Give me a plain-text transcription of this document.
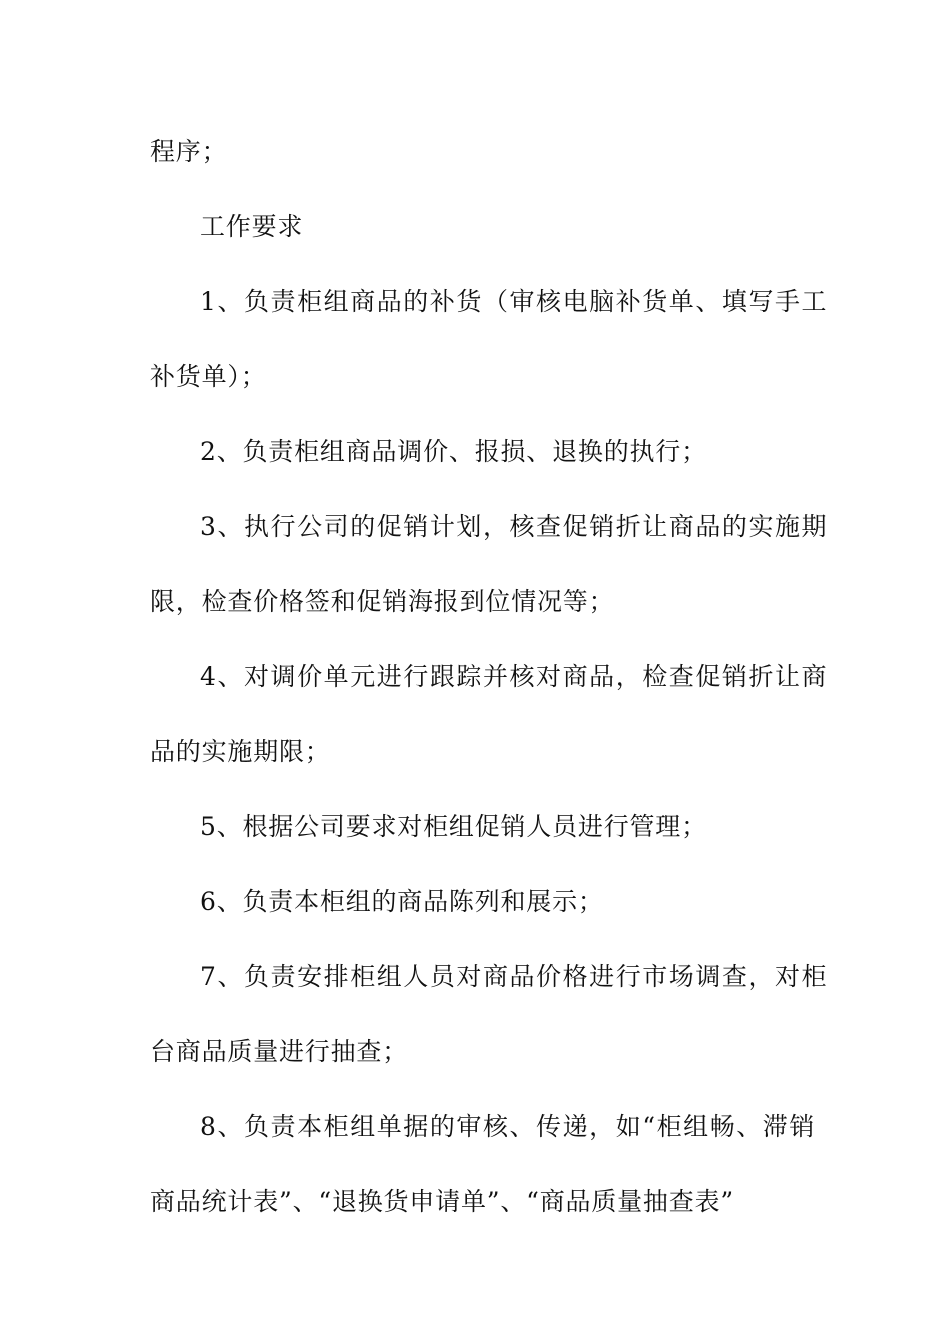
程序；
工作要求
1、负责柜组商品的补货（审核电脑补货单、填写手工
补货单）；
2、负责柜组商品调价、报损、退换的执行；
3、执行公司的促销计划，核查促销折让商品的实施期
限，检查价格签和促销海报到位情况等；
4、对调价单元进行跟踪并核对商品，检查促销折让商
品的实施期限；
5、根据公司要求对柜组促销人员进行管理；
6、负责本柜组的商品陈列和展示；
7、负责安排柜组人员对商品价格进行市场调查，对柜
台商品质量进行抽查；
8、负责本柜组单据的审核、传递，如“柜组畅、滞销
商品统计表”、“退换货申请单”、“商品质量抽查表”
